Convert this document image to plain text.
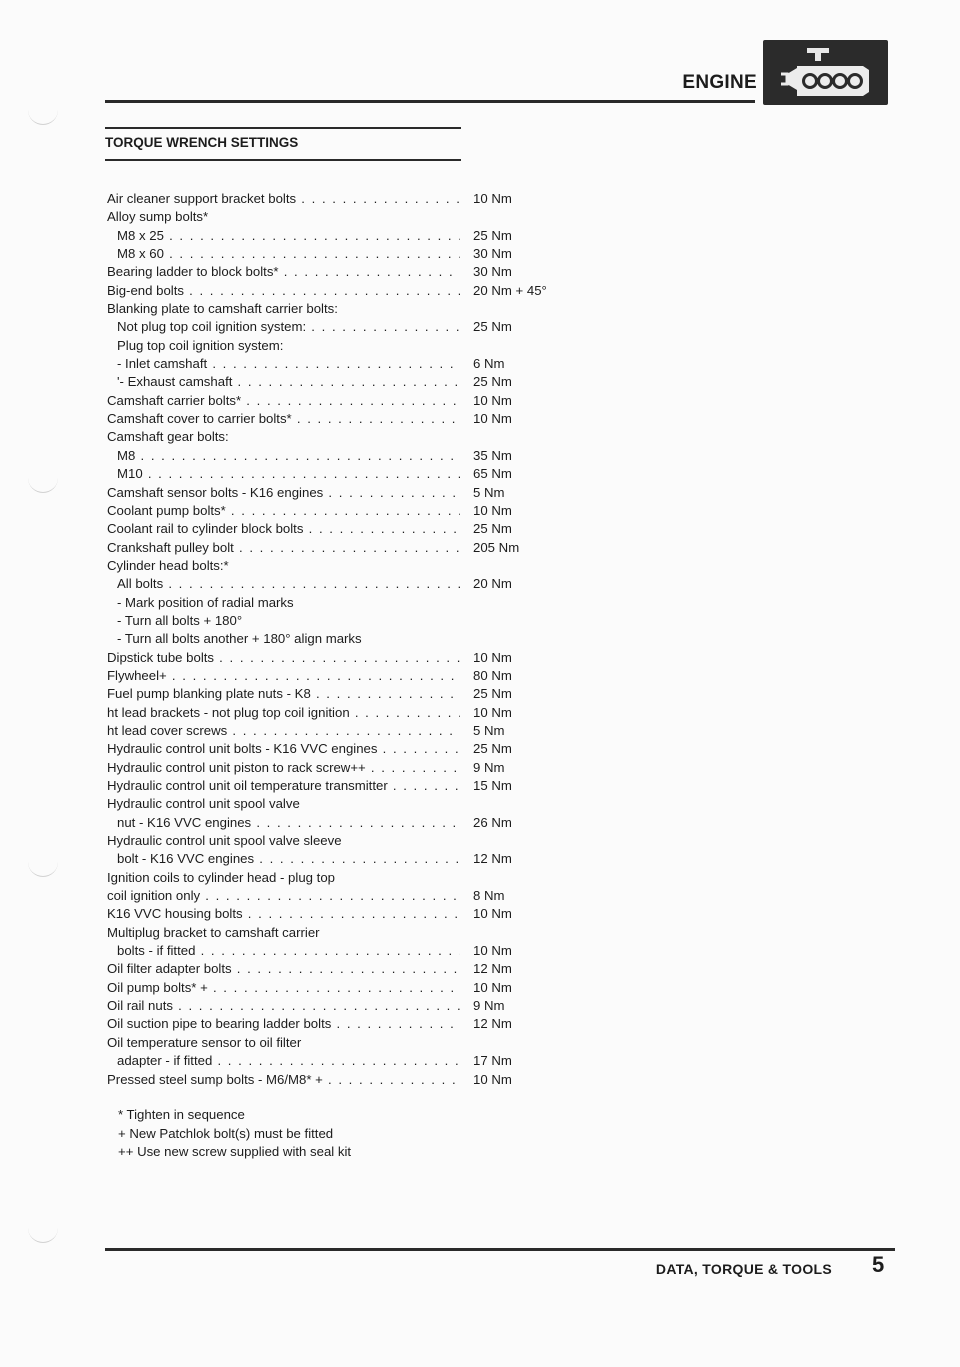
ENGINE
TORQUE WRENCH SETTINGS
Air cleaner support bracket bolts . . .	10 Nm
Alloy sump bolts*
M8 x 25 . . .	25 Nm
M8 x 60 . . .	30 Nm
Bearing ladder to block bolts* . . .	30 Nm
Big-end bolts . . .	20 Nm + 45°
Blanking plate to camshaft carrier bolts:
Not plug top coil ignition system: . . .	25 Nm
Plug top coil ignition system:
- Inlet camshaft . . .	6 Nm
'- Exhaust camshaft . . .	25 Nm
Camshaft carrier bolts* . . .	10 Nm
Camshaft cover to carrier bolts* . . .	10 Nm
Camshaft gear bolts:
M8 . . .	35 Nm
M10 . . .	65 Nm
Camshaft sensor bolts - K16 engines . . .	5 Nm
Coolant pump bolts* . . .	10 Nm
Coolant rail to cylinder block bolts . . .	25 Nm
Crankshaft pulley bolt . . .	205 Nm
Cylinder head bolts:*
All bolts . . .	20 Nm
- Mark position of radial marks
- Turn all bolts + 180°
- Turn all bolts another + 180° align marks
Dipstick tube bolts . . .	10 Nm
Flywheel+ . . .	80 Nm
Fuel pump blanking plate nuts - K8 . . .	25 Nm
ht lead brackets - not plug top coil ignition . . .	10 Nm
ht lead cover screws . . .	5 Nm
Hydraulic control unit bolts - K16 VVC engines . . .	25 Nm
Hydraulic control unit piston to rack screw++ . . .	9 Nm
Hydraulic control unit oil temperature transmitter . . .	15 Nm
Hydraulic control unit spool valve
nut - K16 VVC engines . . .	26 Nm
Hydraulic control unit spool valve sleeve
bolt - K16 VVC engines . . .	12 Nm
Ignition coils to cylinder head - plug top
coil ignition only . . .	8 Nm
K16 VVC housing bolts . . .	10 Nm
Multiplug bracket to camshaft carrier
bolts - if fitted . . .	10 Nm
Oil filter adapter bolts . . .	12 Nm
Oil pump bolts* + . . .	10 Nm
Oil rail nuts . . .	9 Nm
Oil suction pipe to bearing ladder bolts . . .	12 Nm
Oil temperature sensor to oil filter
adapter - if fitted . . .	17 Nm
Pressed steel sump bolts - M6/M8* + . . .	10 Nm
* Tighten in sequence
+ New Patchlok bolt(s) must be fitted
++ Use new screw supplied with seal kit
DATA, TORQUE & TOOLS 5
